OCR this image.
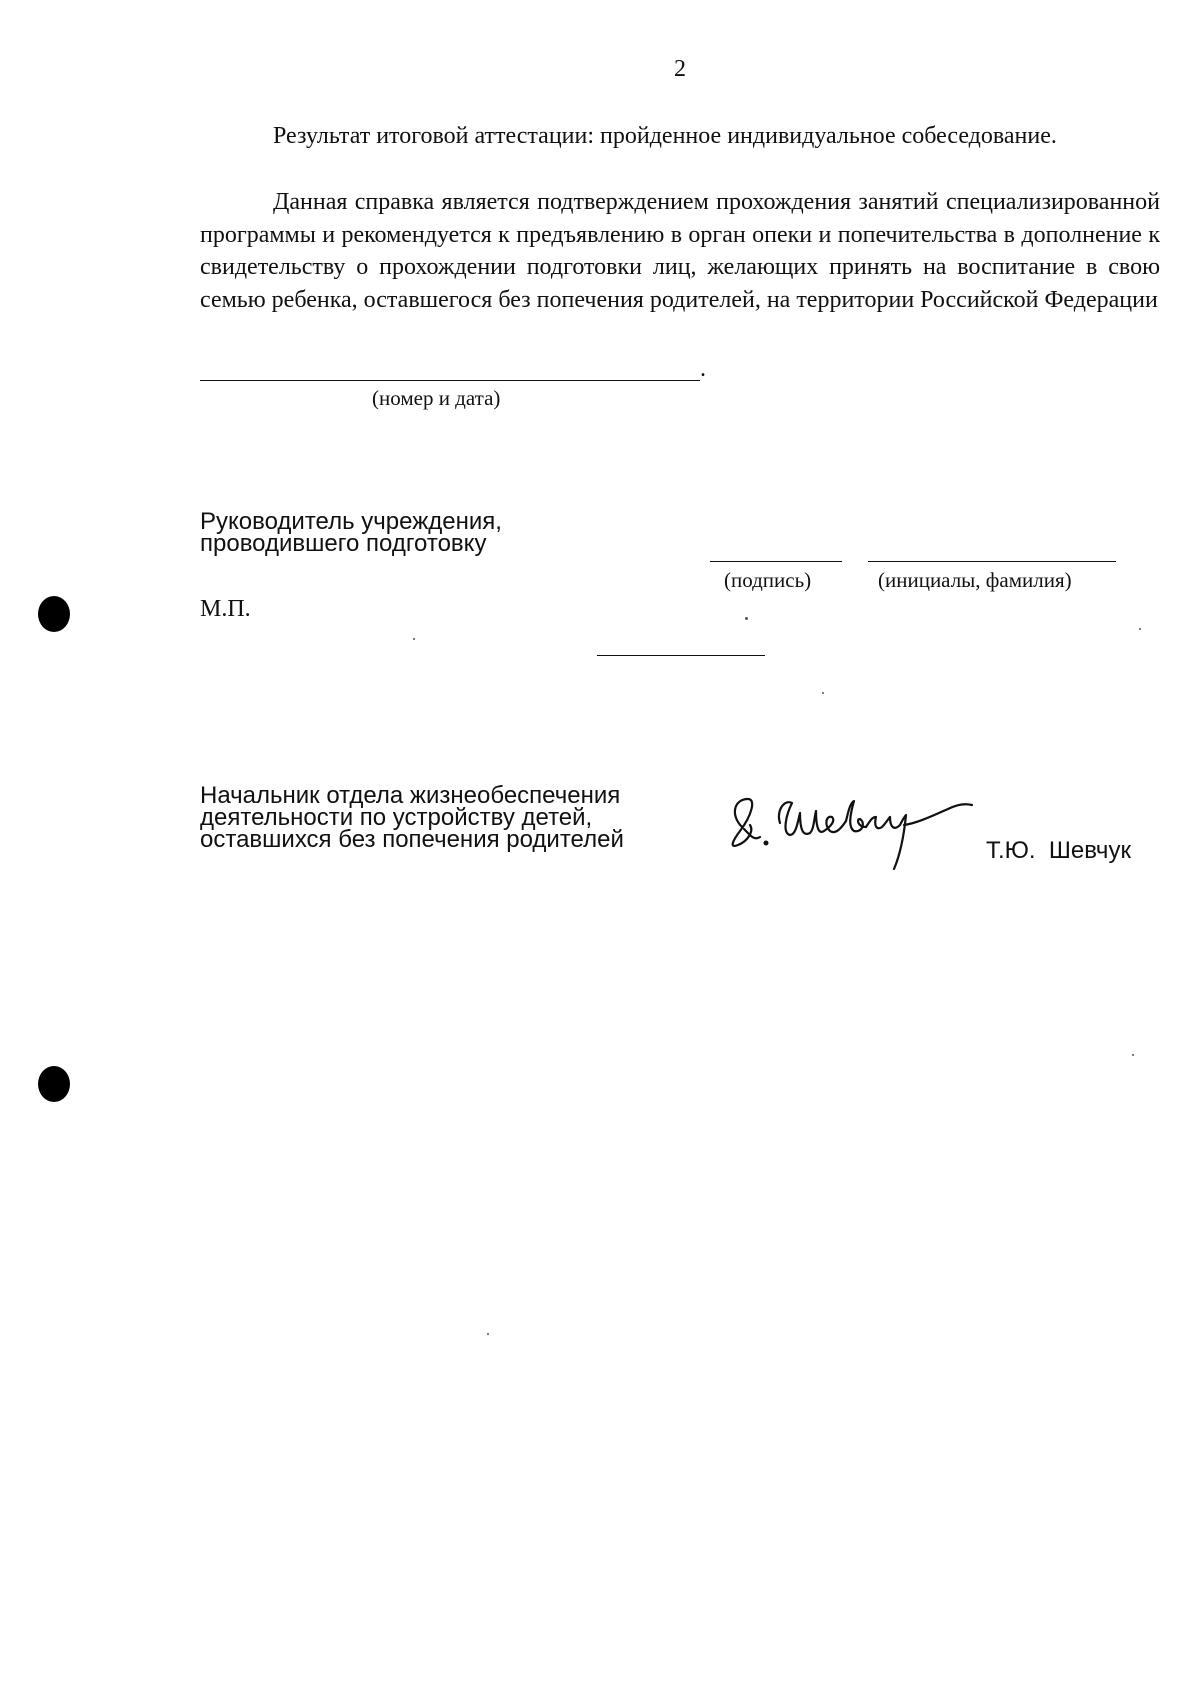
2

Результат итоговой аттестации: пройденное индивидуальное собеседование.

Данная справка является подтверждением прохождения занятий специализированной программы и рекомендуется к предъявлению в орган опеки и попечительства в дополнение к свидетельству о прохождении подготовки лиц, желающих принять на воспитание в свою семью ребенка, оставшегося без попечения родителей, на территории Российской Федерации

.
(номер и дата)
Руководитель учреждения,
проводившего подготовку
(подпись)	(инициалы, фамилия)
М.П.
Начальник отдела жизнеобеспечения
деятельности по устройству детей,
оставшихся без попечения родителей	Т.Ю.  Шевчук
